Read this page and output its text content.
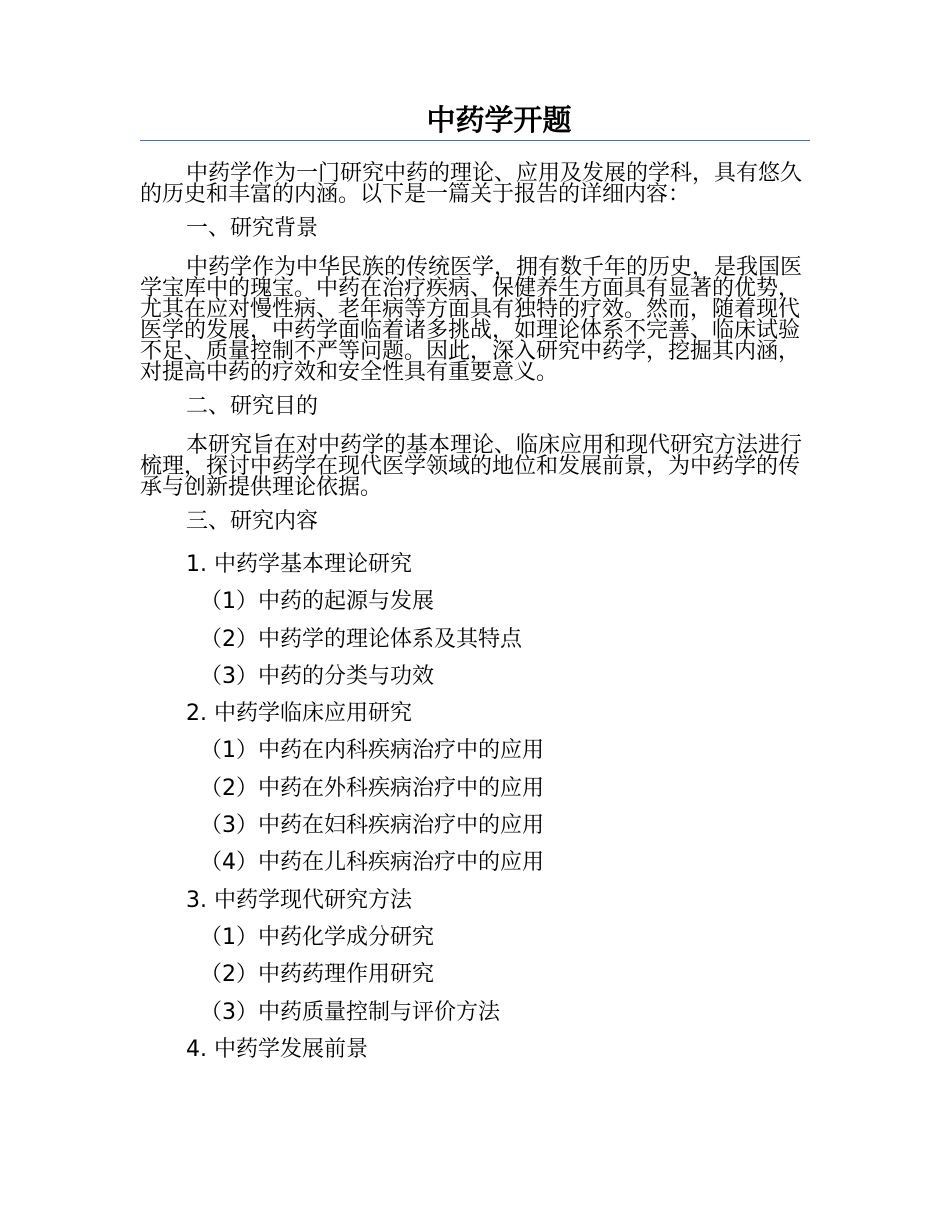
中药学开题

中药学作为一门研究中药的理论、应用及发展的学科，具有悠久的历史和丰富的内涵。以下是一篇关于报告的详细内容：

一、研究背景

中药学作为中华民族的传统医学，拥有数千年的历史，是我国医学宝库中的瑰宝。中药在治疗疾病、保健养生方面具有显著的优势，尤其在应对慢性病、老年病等方面具有独特的疗效。然而，随着现代医学的发展，中药学面临着诸多挑战，如理论体系不完善、临床试验不足、质量控制不严等问题。因此，深入研究中药学，挖掘其内涵，对提高中药的疗效和安全性具有重要意义。

二、研究目的

本研究旨在对中药学的基本理论、临床应用和现代研究方法进行梳理，探讨中药学在现代医学领域的地位和发展前景，为中药学的传承与创新提供理论依据。

三、研究内容
1. 中药学基本理论研究
（1）中药的起源与发展
（2）中药学的理论体系及其特点
（3）中药的分类与功效
2. 中药学临床应用研究
（1）中药在内科疾病治疗中的应用
（2）中药在外科疾病治疗中的应用
（3）中药在妇科疾病治疗中的应用
（4）中药在儿科疾病治疗中的应用
3. 中药学现代研究方法
（1）中药化学成分研究
（2）中药药理作用研究
（3）中药质量控制与评价方法
4. 中药学发展前景
